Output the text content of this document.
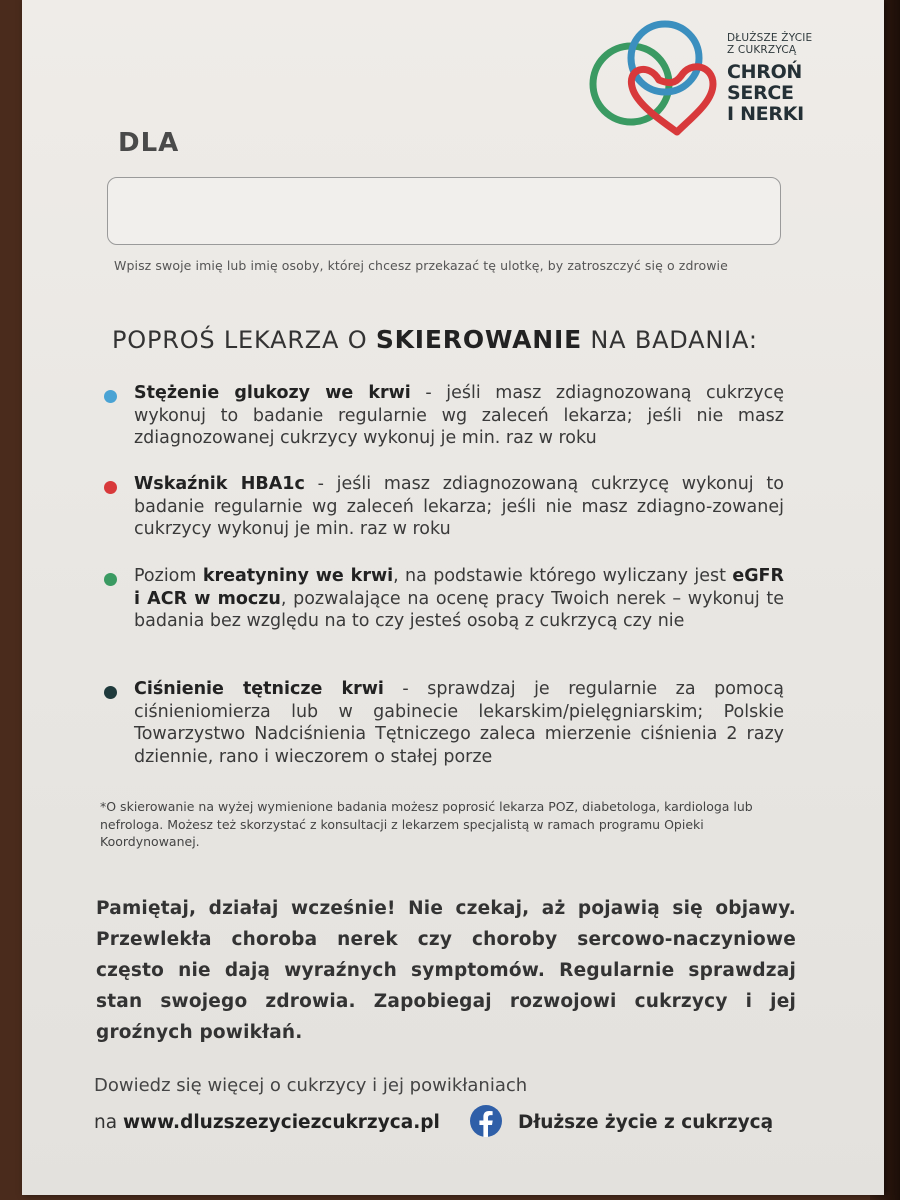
DŁUŻSZE ŻYCIE
Z CUKRZYCĄ
CHROŃ
SERCE
I NERKI
DLA
Wpisz swoje imię lub imię osoby, której chcesz przekazać tę ulotkę, by zatroszczyć się o zdrowie
POPROŚ LEKARZA O SKIEROWANIE NA BADANIA:
Stężenie glukozy we krwi - jeśli masz zdiagnozowaną cukrzycę wykonuj to badanie regularnie wg zaleceń lekarza; jeśli nie masz zdiagnozowanej cukrzycy wykonuj je min. raz w roku
Wskaźnik HBA1c - jeśli masz zdiagnozowaną cukrzycę wykonuj to badanie regularnie wg zaleceń lekarza; jeśli nie masz zdiagno-zowanej cukrzycy wykonuj je min. raz w roku
Poziom kreatyniny we krwi, na podstawie którego wyliczany jest eGFR i ACR w moczu, pozwalające na ocenę pracy Twoich nerek – wykonuj te badania bez względu na to czy jesteś osobą z cukrzycą czy nie
Ciśnienie tętnicze krwi - sprawdzaj je regularnie za pomocą ciśnieniomierza lub w gabinecie lekarskim/pielęgniarskim; Polskie Towarzystwo Nadciśnienia Tętniczego zaleca mierzenie ciśnienia 2 razy dziennie, rano i wieczorem o stałej porze
*O skierowanie na wyżej wymienione badania możesz poprosić lekarza POZ, diabetologa, kardiologa lub nefrologa. Możesz też skorzystać z konsultacji z lekarzem specjalistą w ramach programu Opieki Koordynowanej.
Pamiętaj, działaj wcześnie! Nie czekaj, aż pojawią się objawy. Przewlekła choroba nerek czy choroby sercowo-naczyniowe często nie dają wyraźnych symptomów. Regularnie sprawdzaj stan swojego zdrowia. Zapobiegaj rozwojowi cukrzycy i jej groźnych powikłań.
Dowiedz się więcej o cukrzycy i jej powikłaniach
na www.dluzszezyciezcukrzyca.pl	Dłuższe życie z cukrzycą
